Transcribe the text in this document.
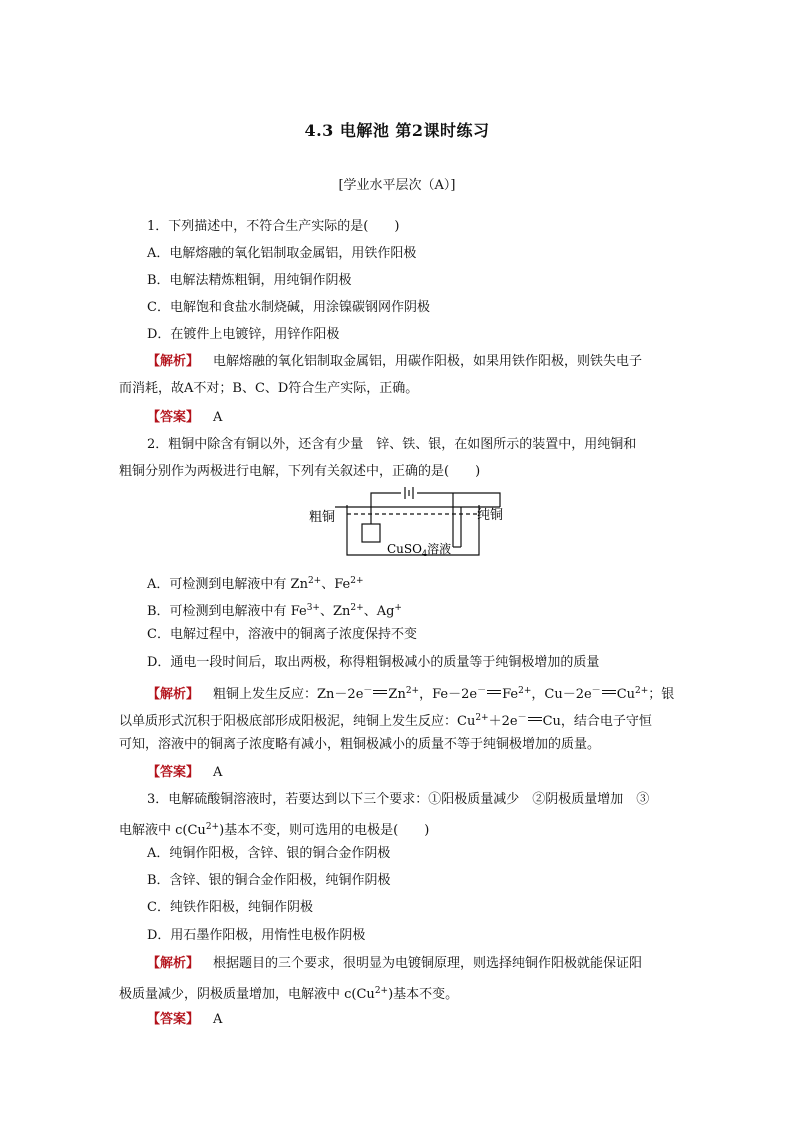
4.3 电解池 第2课时练习
[学业水平层次（A）]
1．下列描述中，不符合生产实际的是(　　)
A．电解熔融的氧化铝制取金属铝，用铁作阳极
B．电解法精炼粗铜，用纯铜作阴极
C．电解饱和食盐水制烧碱，用涂镍碳钢网作阴极
D．在镀件上电镀锌，用锌作阳极
【解析】 电解熔融的氧化铝制取金属铝，用碳作阳极，如果用铁作阳极，则铁失电子
而消耗，故A不对；B、C、D符合生产实际，正确。
【答案】 A
2．粗铜中除含有铜以外，还含有少量　锌、铁、银，在如图所示的装置中，用纯铜和
粗铜分别作为两极进行电解，下列有关叙述中，正确的是(　　)
粗铜	纯铜
CuSO$_4$溶液
A．可检测到电解液中有 $Zn^{2+}$、$Fe^{2+}$
B．可检测到电解液中有 $Fe^{3+}$、$Zn^{2+}$、Ag+
C．电解过程中，溶液中的铜离子浓度保持不变
D．通电一段时间后，取出两极，称得粗铜极减小的质量等于纯铜极增加的质量
【解析】 粗铜上发生反应：Zn－2e－ $Zn^{2+}$，Fe－2e－ $Fe^{2+}$，Cu－2e－ $Cu^{2+}$；银
以单质形式沉积于阳极底部形成阳极泥，纯铜上发生反应：$Cu^{2+}+2e^-$ Cu，结合电子守恒
可知，溶液中的铜离子浓度略有减小，粗铜极减小的质量不等于纯铜极增加的质量。
【答案】 A
3．电解硫酸铜溶液时，若要达到以下三个要求：①阳极质量减少　②阴极质量增加　③
电解液中 $c(Cu^{2+})$基本不变，则可选用的电极是(　　)
A．纯铜作阳极，含锌、银的铜合金作阴极
B．含锌、银的铜合金作阳极，纯铜作阴极
C．纯铁作阳极，纯铜作阴极
D．用石墨作阳极，用惰性电极作阴极
【解析】 根据题目的三个要求，很明显为电镀铜原理，则选择纯铜作阳极就能保证阳
极质量减少，阴极质量增加，电解液中 $c(Cu^{2+})$基本不变。
【答案】 A
